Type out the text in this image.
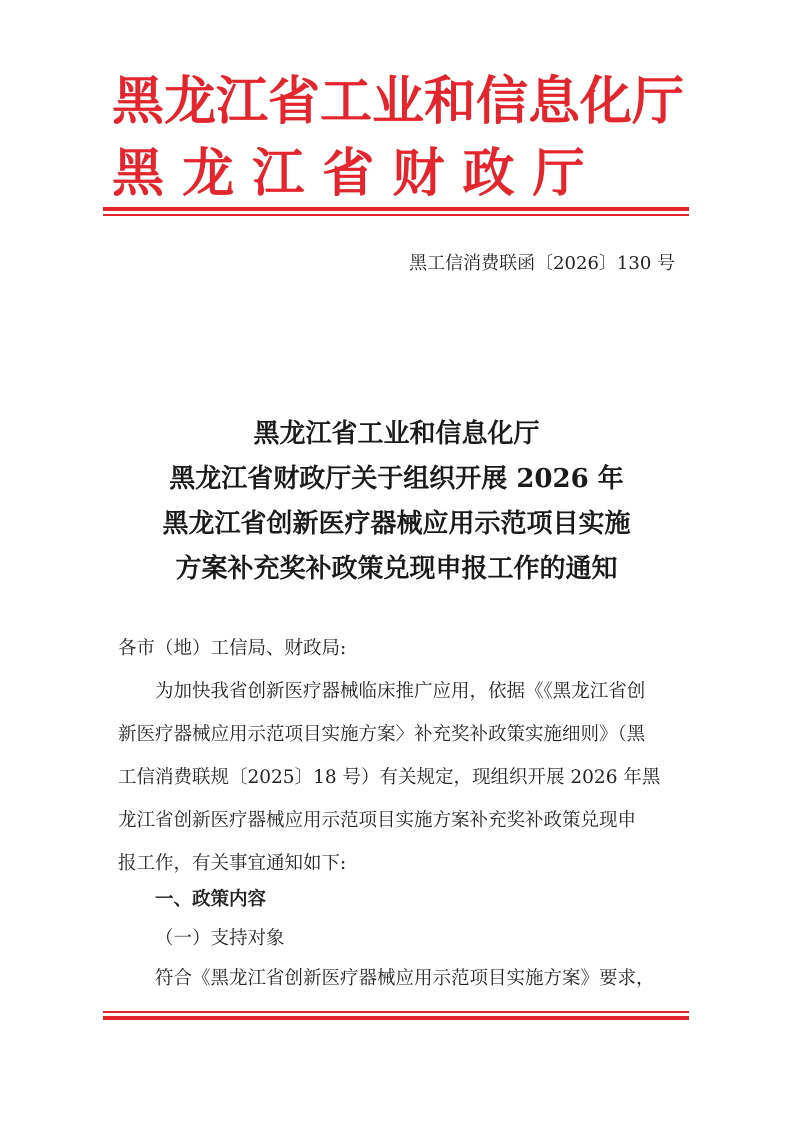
黑龙江省工业和信息化厅
黑 龙 江 省 财 政 厅
黑工信消费联函〔2026〕130 号
黑龙江省工业和信息化厅
黑龙江省财政厅关于组织开展 2026 年
黑龙江省创新医疗器械应用示范项目实施
方案补充奖补政策兑现申报工作的通知
各市（地）工信局、财政局:
为加快我省创新医疗器械临床推广应用，依据《《黑龙江省创
新医疗器械应用示范项目实施方案〉补充奖补政策实施细则》（黑
工信消费联规〔2025〕18 号）有关规定，现组织开展 2026 年黑
龙江省创新医疗器械应用示范项目实施方案补充奖补政策兑现申
报工作，有关事宜通知如下:
一、政策内容
（一）支持对象
符合《黑龙江省创新医疗器械应用示范项目实施方案》要求，
